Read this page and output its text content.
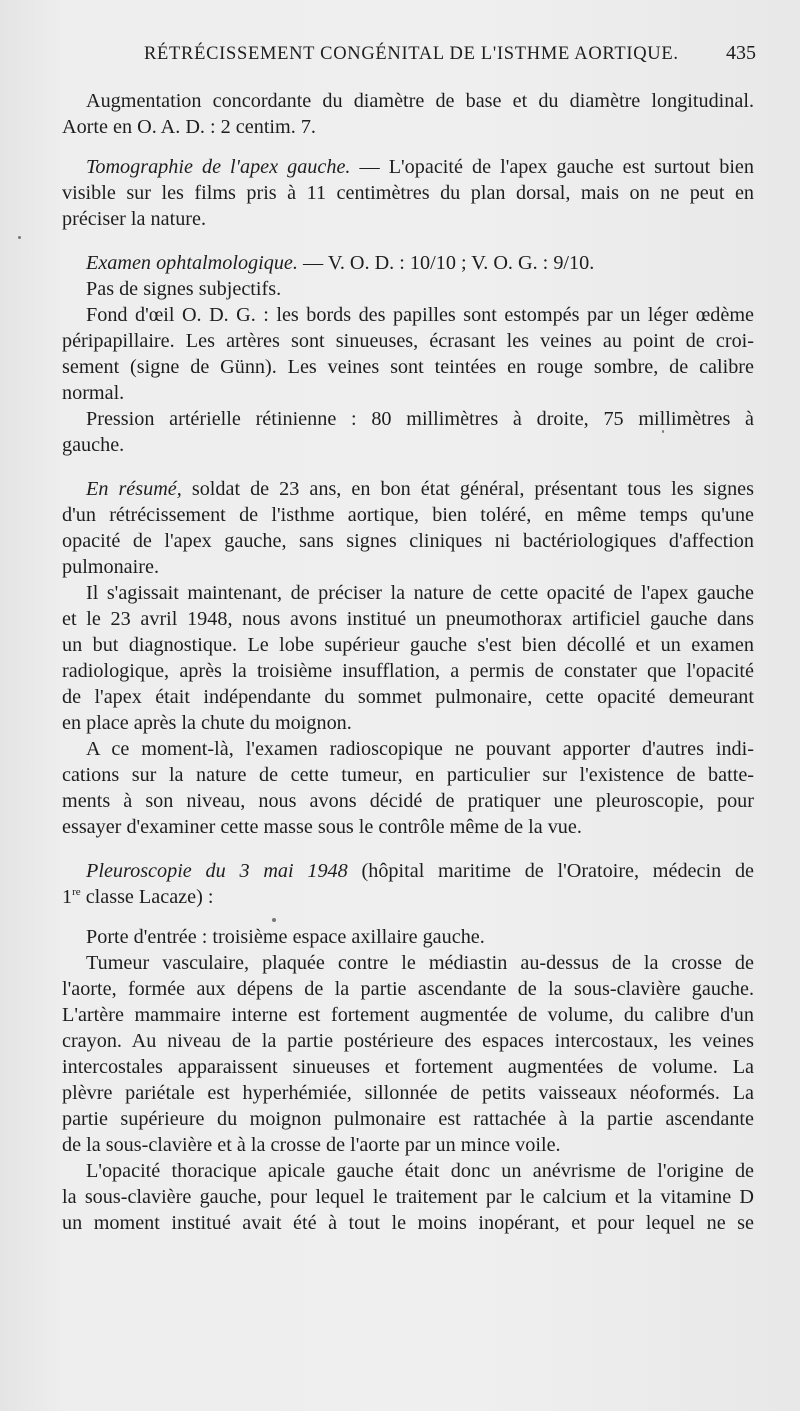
RÉTRÉCISSEMENT CONGÉNITAL DE L'ISTHME AORTIQUE. 435
Augmentation concordante du diamètre de base et du diamètre longitudinal.
Aorte en O. A. D. : 2 centim. 7.
Tomographie de l'apex gauche. — L'opacité de l'apex gauche est surtout bien
visible sur les films pris à 11 centimètres du plan dorsal, mais on ne peut en
préciser la nature.
Examen ophtalmologique. — V. O. D. : 10/10 ; V. O. G. : 9/10.
Pas de signes subjectifs.
Fond d'œil O. D. G. : les bords des papilles sont estompés par un léger œdème
péripapillaire. Les artères sont sinueuses, écrasant les veines au point de croi-
sement (signe de Günn). Les veines sont teintées en rouge sombre, de calibre
normal.
Pression artérielle rétinienne : 80 millimètres à droite, 75 millimètres à
gauche.
En résumé, soldat de 23 ans, en bon état général, présentant tous les signes
d'un rétrécissement de l'isthme aortique, bien toléré, en même temps qu'une
opacité de l'apex gauche, sans signes cliniques ni bactériologiques d'affection
pulmonaire.
Il s'agissait maintenant, de préciser la nature de cette opacité de l'apex gauche
et le 23 avril 1948, nous avons institué un pneumothorax artificiel gauche dans
un but diagnostique. Le lobe supérieur gauche s'est bien décollé et un examen
radiologique, après la troisième insufflation, a permis de constater que l'opacité
de l'apex était indépendante du sommet pulmonaire, cette opacité demeurant
en place après la chute du moignon.
A ce moment-là, l'examen radioscopique ne pouvant apporter d'autres indi-
cations sur la nature de cette tumeur, en particulier sur l'existence de batte-
ments à son niveau, nous avons décidé de pratiquer une pleuroscopie, pour
essayer d'examiner cette masse sous le contrôle même de la vue.
Pleuroscopie du 3 mai 1948 (hôpital maritime de l'Oratoire, médecin de
1re classe Lacaze) :
Porte d'entrée : troisième espace axillaire gauche.
Tumeur vasculaire, plaquée contre le médiastin au-dessus de la crosse de
l'aorte, formée aux dépens de la partie ascendante de la sous-clavière gauche.
L'artère mammaire interne est fortement augmentée de volume, du calibre d'un
crayon. Au niveau de la partie postérieure des espaces intercostaux, les veines
intercostales apparaissent sinueuses et fortement augmentées de volume. La
plèvre pariétale est hyperhémiée, sillonnée de petits vaisseaux néoformés. La
partie supérieure du moignon pulmonaire est rattachée à la partie ascendante
de la sous-clavière et à la crosse de l'aorte par un mince voile.
L'opacité thoracique apicale gauche était donc un anévrisme de l'origine de
la sous-clavière gauche, pour lequel le traitement par le calcium et la vitamine D
un moment institué avait été à tout le moins inopérant, et pour lequel ne se
